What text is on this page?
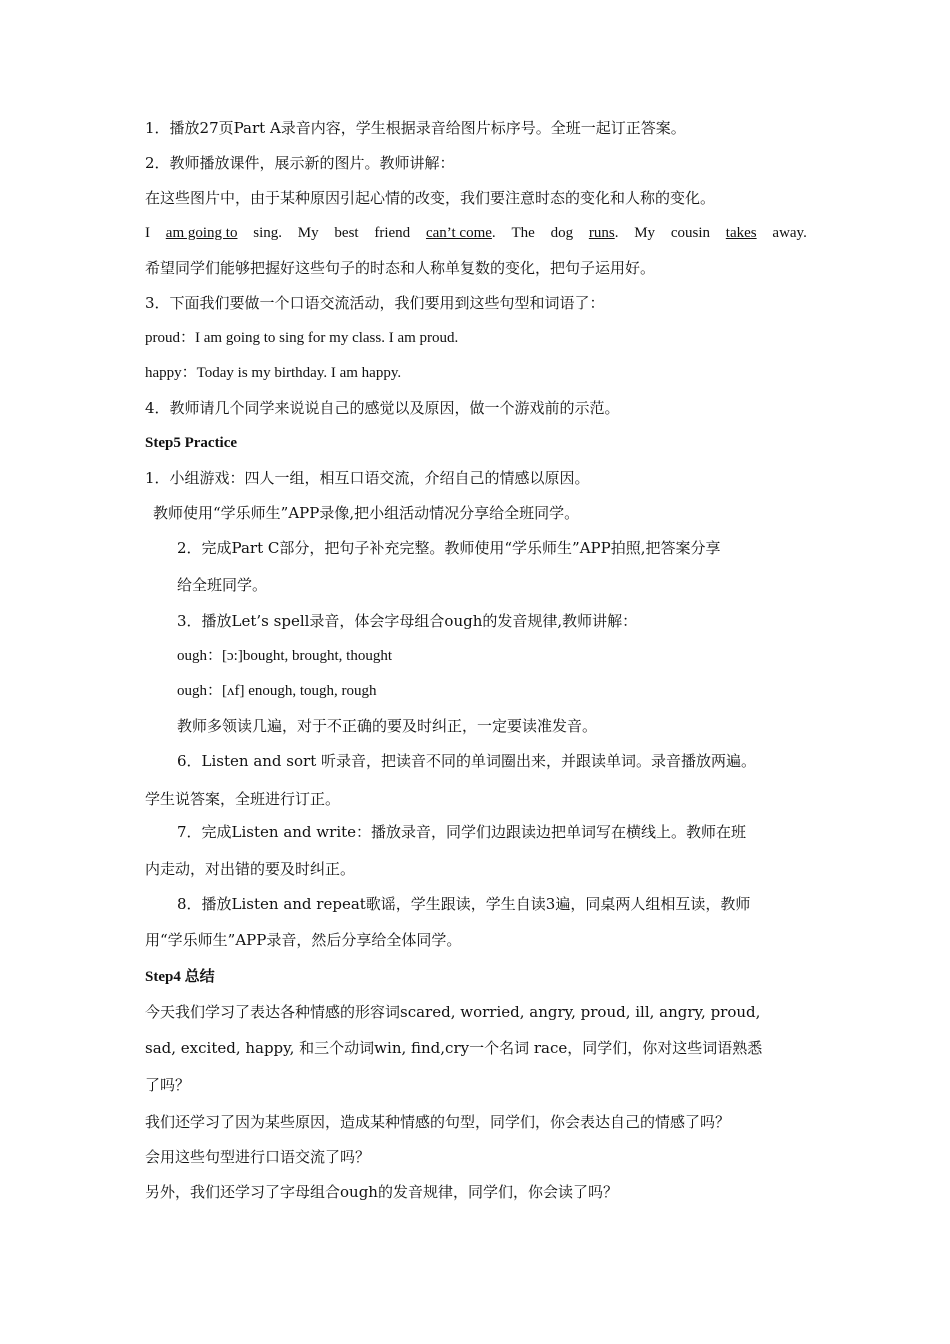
1．播放27页Part A录音内容，学生根据录音给图片标序号。全班一起订正答案。
2．教师播放课件，展示新的图片。教师讲解：
在这些图片中，由于某种原因引起心情的改变，我们要注意时态的变化和人称的变化。
I am going to sing. My best friend can’t come. The dog runs. My cousin takes away.
希望同学们能够把握好这些句子的时态和人称单复数的变化，把句子运用好。
3．下面我们要做一个口语交流活动，我们要用到这些句型和词语了：
proud：I am going to sing for my class. I am proud.
happy：Today is my birthday. I am happy.
4．教师请几个同学来说说自己的感觉以及原因，做一个游戏前的示范。
Step5 Practice
1．小组游戏：四人一组，相互口语交流，介绍自己的情感以原因。
教师使用“学乐师生”APP录像,把小组活动情况分享给全班同学。
2．完成Part C部分，把句子补充完整。教师使用“学乐师生”APP拍照,把答案分享
给全班同学。
3．播放Let’s spell录音，体会字母组合ough的发音规律,教师讲解：
ough：[ɔ:]bought, brought, thought
ough：[ʌf] enough, tough, rough
教师多领读几遍，对于不正确的要及时纠正，一定要读准发音。
6．Listen and sort 听录音，把读音不同的单词圈出来，并跟读单词。录音播放两遍。
学生说答案，全班进行订正。
7．完成Listen and write：播放录音，同学们边跟读边把单词写在横线上。教师在班
内走动，对出错的要及时纠正。
8．播放Listen and repeat歌谣，学生跟读，学生自读3遍，同桌两人组相互读，教师
用“学乐师生”APP录音，然后分享给全体同学。
Step4 总结
今天我们学习了表达各种情感的形容词scared, worried, angry, proud, ill, angry, proud,
sad, excited, happy, 和三个动词win, find,cry一个名词 race，同学们，你对这些词语熟悉
了吗？
我们还学习了因为某些原因，造成某种情感的句型，同学们，你会表达自己的情感了吗？
会用这些句型进行口语交流了吗？
另外，我们还学习了字母组合ough的发音规律，同学们，你会读了吗？
